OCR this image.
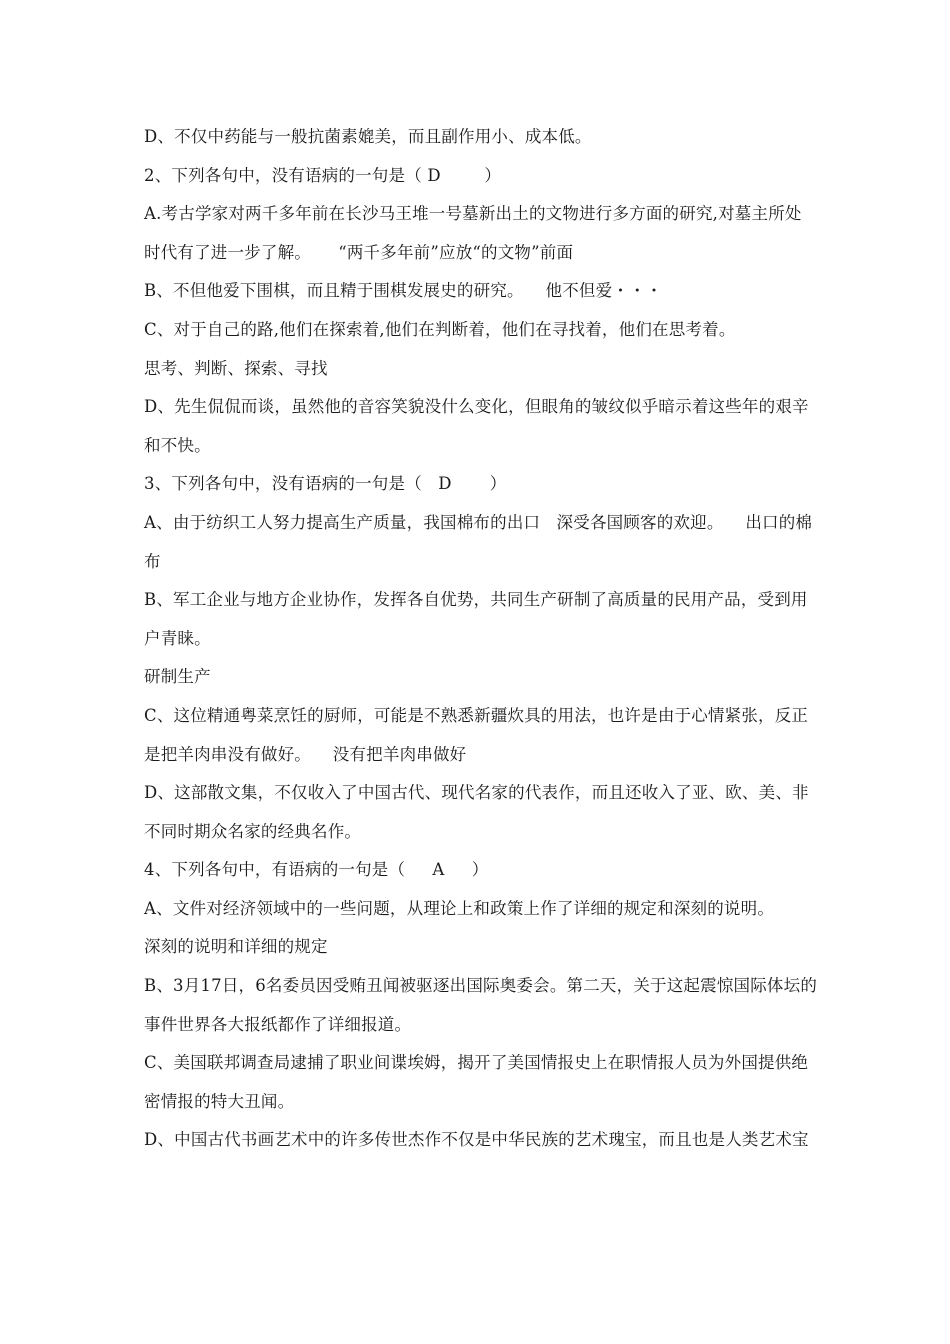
D、不仅中药能与一般抗菌素媲美，而且副作用小、成本低。
2、下列各句中，没有语病的一句是（ D        ）
A.考古学家对两千多年前在长沙马王堆一号墓新出土的文物进行多方面的研究,对墓主所处
时代有了进一步了解。     “两千多年前”应放“的文物”前面
B、不但他爱下围棋，而且精于围棋发展史的研究。    他不但爱・・・
C、对于自己的路,他们在探索着,他们在判断着，他们在寻找着，他们在思考着。
思考、判断、探索、寻找
D、先生侃侃而谈，虽然他的音容笑貌没什么变化，但眼角的皱纹似乎暗示着这些年的艰辛
和不快。
3、下列各句中，没有语病的一句是（   D       ）
A、由于纺织工人努力提高生产质量，我国棉布的出口   深受各国顾客的欢迎。    出口的棉
布
B、军工企业与地方企业协作，发挥各自优势，共同生产研制了高质量的民用产品，受到用
户青睐。
研制生产
C、这位精通粤菜烹饪的厨师，可能是不熟悉新疆炊具的用法，也许是由于心情紧张，反正
是把羊肉串没有做好。    没有把羊肉串做好
D、这部散文集，不仅收入了中国古代、现代名家的代表作，而且还收入了亚、欧、美、非
不同时期众名家的经典名作。
4、下列各句中，有语病的一句是（     A     ）
A、文件对经济领域中的一些问题，从理论上和政策上作了详细的规定和深刻的说明。
深刻的说明和详细的规定
B、3月17日，6名委员因受贿丑闻被驱逐出国际奥委会。第二天，关于这起震惊国际体坛的
事件世界各大报纸都作了详细报道。
C、美国联邦调查局逮捕了职业间谍埃姆，揭开了美国情报史上在职情报人员为外国提供绝
密情报的特大丑闻。
D、中国古代书画艺术中的许多传世杰作不仅是中华民族的艺术瑰宝，而且也是人类艺术宝
